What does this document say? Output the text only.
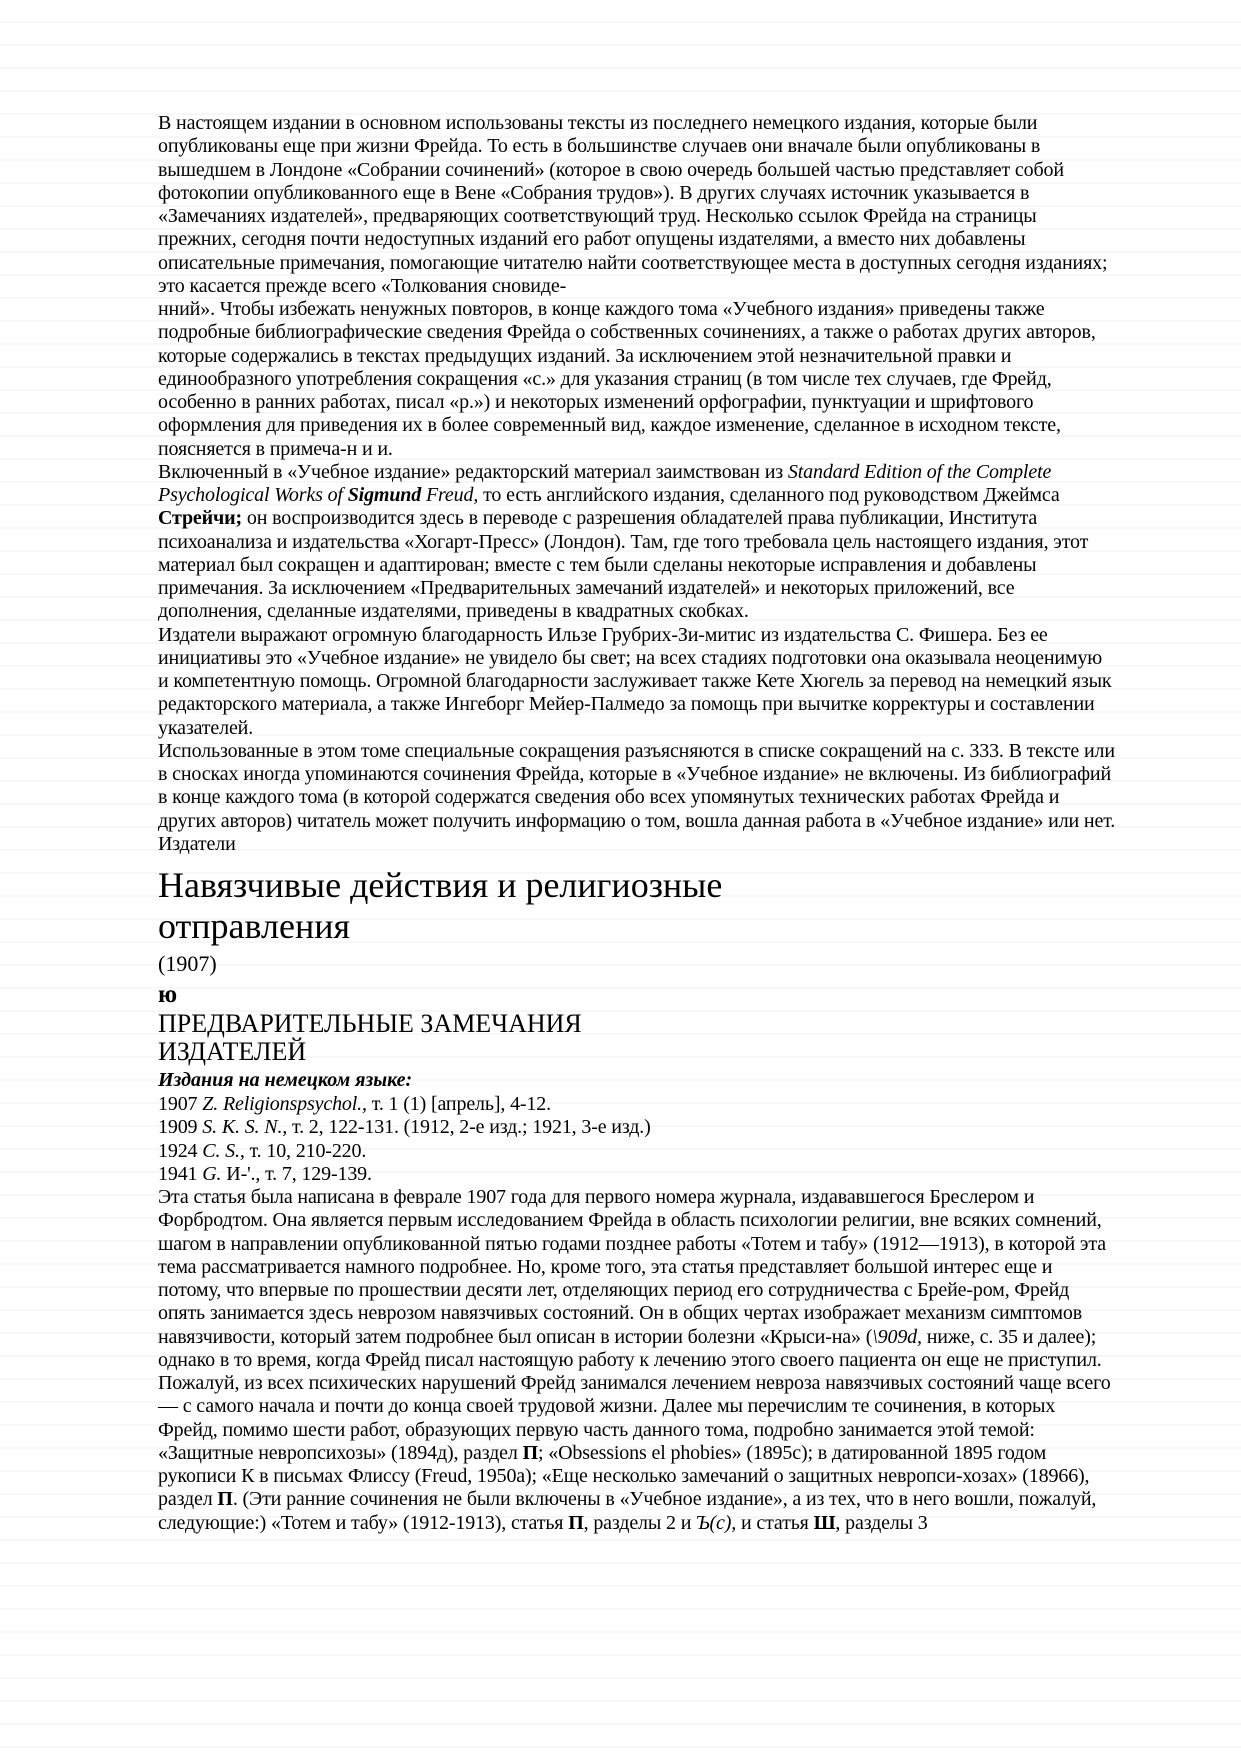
В настоящем издании в основном использованы тексты из последнего немецкого издания, которые были опубликованы еще при жизни Фрейда. То есть в большинстве случаев они вначале были опубликованы в вышедшем в Лондоне «Собрании сочинений» (которое в свою очередь большей частью представляет собой фотокопии опубликованного еще в Вене «Собрания трудов»). В других случаях источник указывается в «Замечаниях издателей», предваряющих соответствующий труд. Несколько ссылок Фрейда на страницы прежних, сегодня почти недоступных изданий его работ опущены издателями, а вместо них добавлены описательные примечания, помогающие читателю найти соответствующее места в доступных сегодня изданиях; это касается прежде всего «Толкования сновиде-

нний». Чтобы избежать ненужных повторов, в конце каждого тома «Учебного издания» приведены также подробные библиографические сведения Фрейда о собственных сочинениях, а также о работах других авторов, которые содержались в текстах предыдущих изданий. За исключением этой незначительной правки и единообразного употребления сокращения «с.» для указания страниц (в том числе тех случаев, где Фрейд, особенно в ранних работах, писал «р.») и некоторых изменений орфографии, пунктуации и шрифтового оформления для приведения их в более современный вид, каждое изменение, сделанное в исходном тексте, поясняется в примеча-н и и.

Включенный в «Учебное издание» редакторский материал заимствован из Standard Edition of the Complete Psychological Works of Sigmund Freud, то есть английского издания, сделанного под руководством Джеймса Стрейчи; он воспроизводится здесь в переводе с разрешения обладателей права публикации, Института психоанализа и издательства «Хогарт-Пресс» (Лондон). Там, где того требовала цель настоящего издания, этот материал был сокращен и адаптирован; вместе с тем были сделаны некоторые исправления и добавлены примечания. За исключением «Предварительных замечаний издателей» и некоторых приложений, все дополнения, сделанные издателями, приведены в квадратных скобках.

Издатели выражают огромную благодарность Ильзе Грубрих-Зи-митис из издательства С. Фишера. Без ее инициативы это «Учебное издание» не увидело бы свет; на всех стадиях подготовки она оказывала неоценимую и компетентную помощь. Огромной благодарности заслуживает также Кете Хюгель за перевод на немецкий язык редакторского материала, а также Ингеборг Мейер-Палмедо за помощь при вычитке корректуры и составлении указателей.

Использованные в этом томе специальные сокращения разъясняются в списке сокращений на с. 333. В тексте или в сносках иногда упоминаются сочинения Фрейда, которые в «Учебное издание» не включены. Из библиографий в конце каждого тома (в которой содержатся сведения обо всех упомянутых технических работах Фрейда и других авторов) читатель может получить информацию о том, вошла данная работа в «Учебное издание» или нет.

Издатели

Навязчивые действия и религиозные
отправления

(1907)

ю

ПРЕДВАРИТЕЛЬНЫЕ ЗАМЕЧАНИЯ
ИЗДАТЕЛЕЙ

Издания на немецком языке:

1907 Z. Religionspsychol., т. 1 (1) [апрель], 4-12.

1909 S. K. S. N., т. 2, 122-131. (1912, 2-е изд.; 1921, 3-е изд.)

1924 C. S., т. 10, 210-220.

1941 G. И-'., т. 7, 129-139.

Эта статья была написана в феврале 1907 года для первого номера журнала, издававшегося Бреслером и Форбродтом. Она является первым исследованием Фрейда в область психологии религии, вне всяких сомнений, шагом в направлении опубликованной пятью годами позднее работы «Тотем и табу» (1912—1913), в которой эта тема рассматривается намного подробнее. Но, кроме того, эта статья представляет большой интерес еще и потому, что впервые по прошествии десяти лет, отделяющих период его сотрудничества с Брейе-ром, Фрейд опять занимается здесь неврозом навязчивых состояний. Он в общих чертах изображает механизм симптомов навязчивости, который затем подробнее был описан в истории болезни «Крыси-на» (\909d, ниже, с. 35 и далее); однако в то время, когда Фрейд писал настоящую работу к лечению этого своего пациента он еще не приступил.

Пожалуй, из всех психических нарушений Фрейд занимался лечением невроза навязчивых состояний чаще всего — с самого начала и почти до конца своей трудовой жизни. Далее мы перечислим те сочинения, в которых Фрейд, помимо шести работ, образующих первую часть данного тома, подробно занимается этой темой: «Защитные невропсихозы» (1894д), раздел П; «Obsessions el phobies» (1895c); в датированной 1895 годом рукописи К в письмах Флиссу (Freud, 1950a); «Еще несколько замечаний о защитных невропси-хозах» (18966), раздел П. (Эти ранние сочинения не были включены в «Учебное издание», а из тех, что в него вошли, пожалуй, следующие:) «Тотем и табу» (1912-1913), статья П, разделы 2 и Ъ(с), и статья Ш, разделы 3
